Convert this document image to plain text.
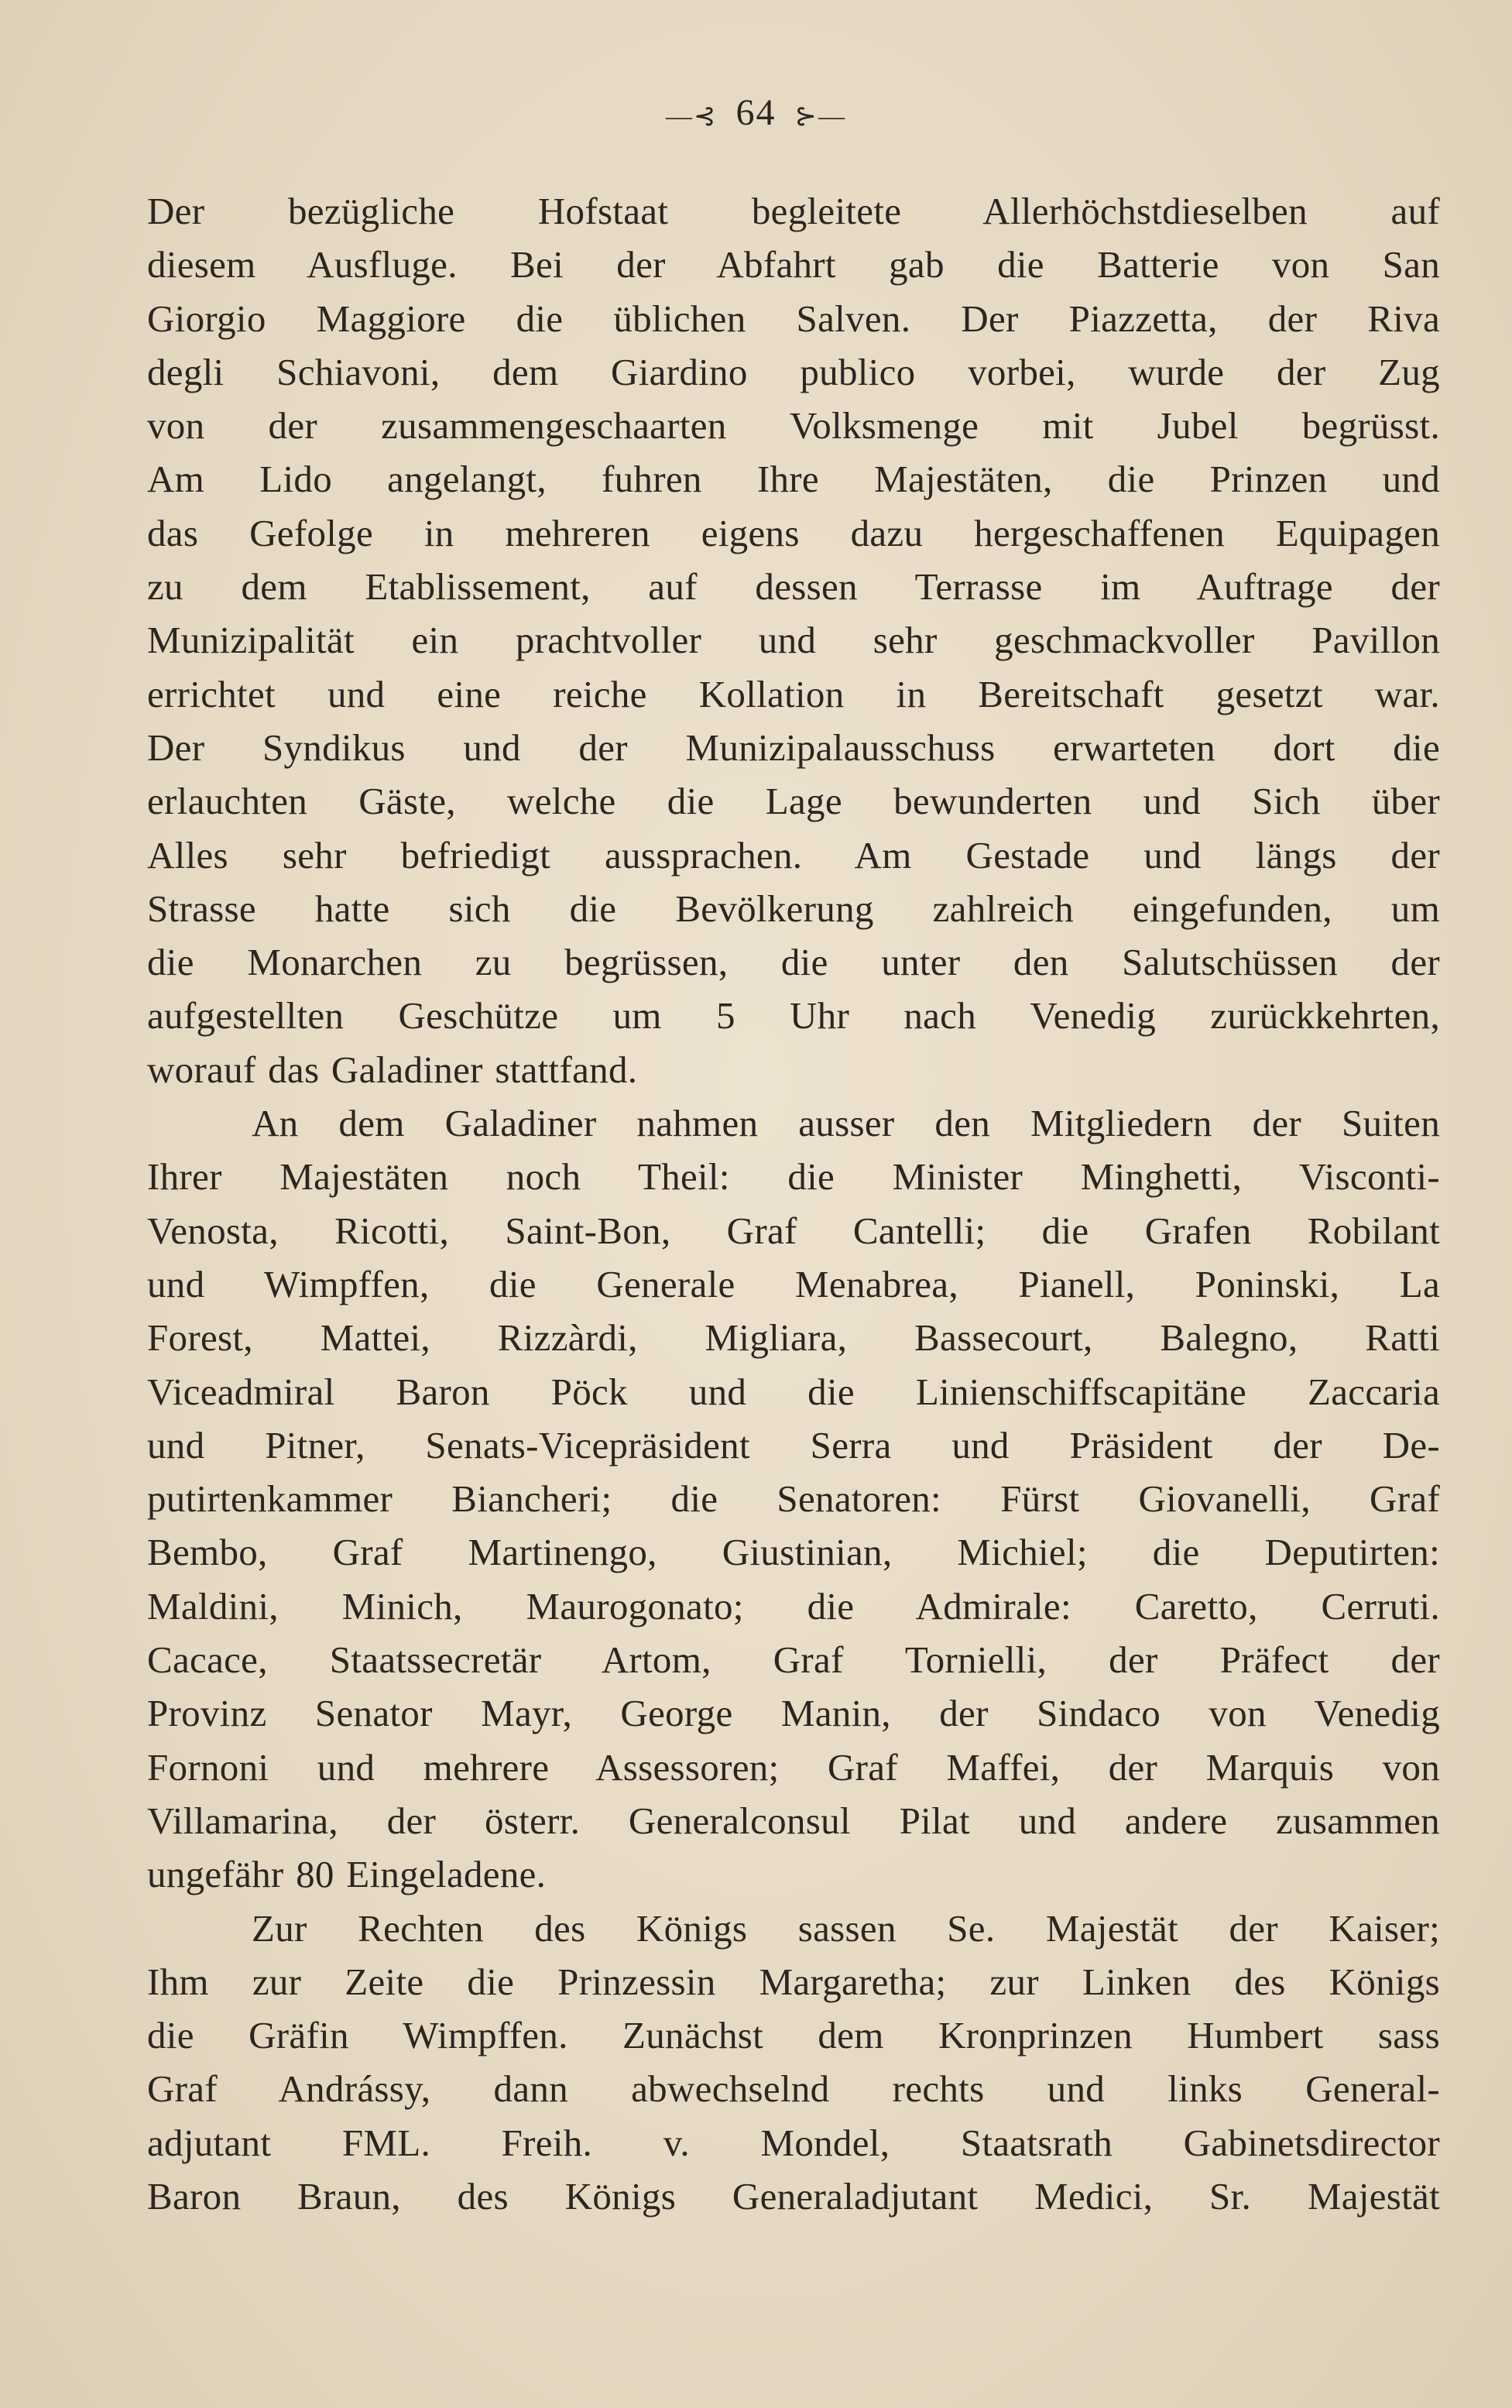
—⊰ 64 ⊱—
Der bezügliche Hofstaat begleitete Allerhöchstdieselben auf
diesem Ausfluge. Bei der Abfahrt gab die Batterie von San
Giorgio Maggiore die üblichen Salven. Der Piazzetta, der Riva
degli Schiavoni, dem Giardino publico vorbei, wurde der Zug
von der zusammengeschaarten Volksmenge mit Jubel begrüsst.
Am Lido angelangt, fuhren Ihre Majestäten, die Prinzen und
das Gefolge in mehreren eigens dazu hergeschaffenen Equipagen
zu dem Etablissement, auf dessen Terrasse im Auftrage der
Munizipalität ein prachtvoller und sehr geschmackvoller Pavillon
errichtet und eine reiche Kollation in Bereitschaft gesetzt war.
Der Syndikus und der Munizipalausschuss erwarteten dort die
erlauchten Gäste, welche die Lage bewunderten und Sich über
Alles sehr befriedigt aussprachen. Am Gestade und längs der
Strasse hatte sich die Bevölkerung zahlreich eingefunden, um
die Monarchen zu begrüssen, die unter den Salutschüssen der
aufgestellten Geschütze um 5 Uhr nach Venedig zurückkehrten,
worauf das Galadiner stattfand.
An dem Galadiner nahmen ausser den Mitgliedern der Suiten
Ihrer Majestäten noch Theil: die Minister Minghetti, Visconti-
Venosta, Ricotti, Saint-Bon, Graf Cantelli; die Grafen Robilant
und Wimpffen, die Generale Menabrea, Pianell, Poninski, La
Forest, Mattei, Rizzàrdi, Migliara, Bassecourt, Balegno, Ratti
Viceadmiral Baron Pöck und die Linienschiffscapitäne Zaccaria
und Pitner, Senats-Vicepräsident Serra und Präsident der De-
putirtenkammer Biancheri; die Senatoren: Fürst Giovanelli, Graf
Bembo, Graf Martinengo, Giustinian, Michiel; die Deputirten:
Maldini, Minich, Maurogonato; die Admirale: Caretto, Cerruti.
Cacace, Staatssecretär Artom, Graf Tornielli, der Präfect der
Provinz Senator Mayr, George Manin, der Sindaco von Venedig
Fornoni und mehrere Assessoren; Graf Maffei, der Marquis von
Villamarina, der österr. Generalconsul Pilat und andere zusammen
ungefähr 80 Eingeladene.
Zur Rechten des Königs sassen Se. Majestät der Kaiser;
Ihm zur Zeite die Prinzessin Margaretha; zur Linken des Königs
die Gräfin Wimpffen. Zunächst dem Kronprinzen Humbert sass
Graf Andrássy, dann abwechselnd rechts und links General-
adjutant FML. Freih. v. Mondel, Staatsrath Gabinetsdirector
Baron Braun, des Königs Generaladjutant Medici, Sr. Majestät
